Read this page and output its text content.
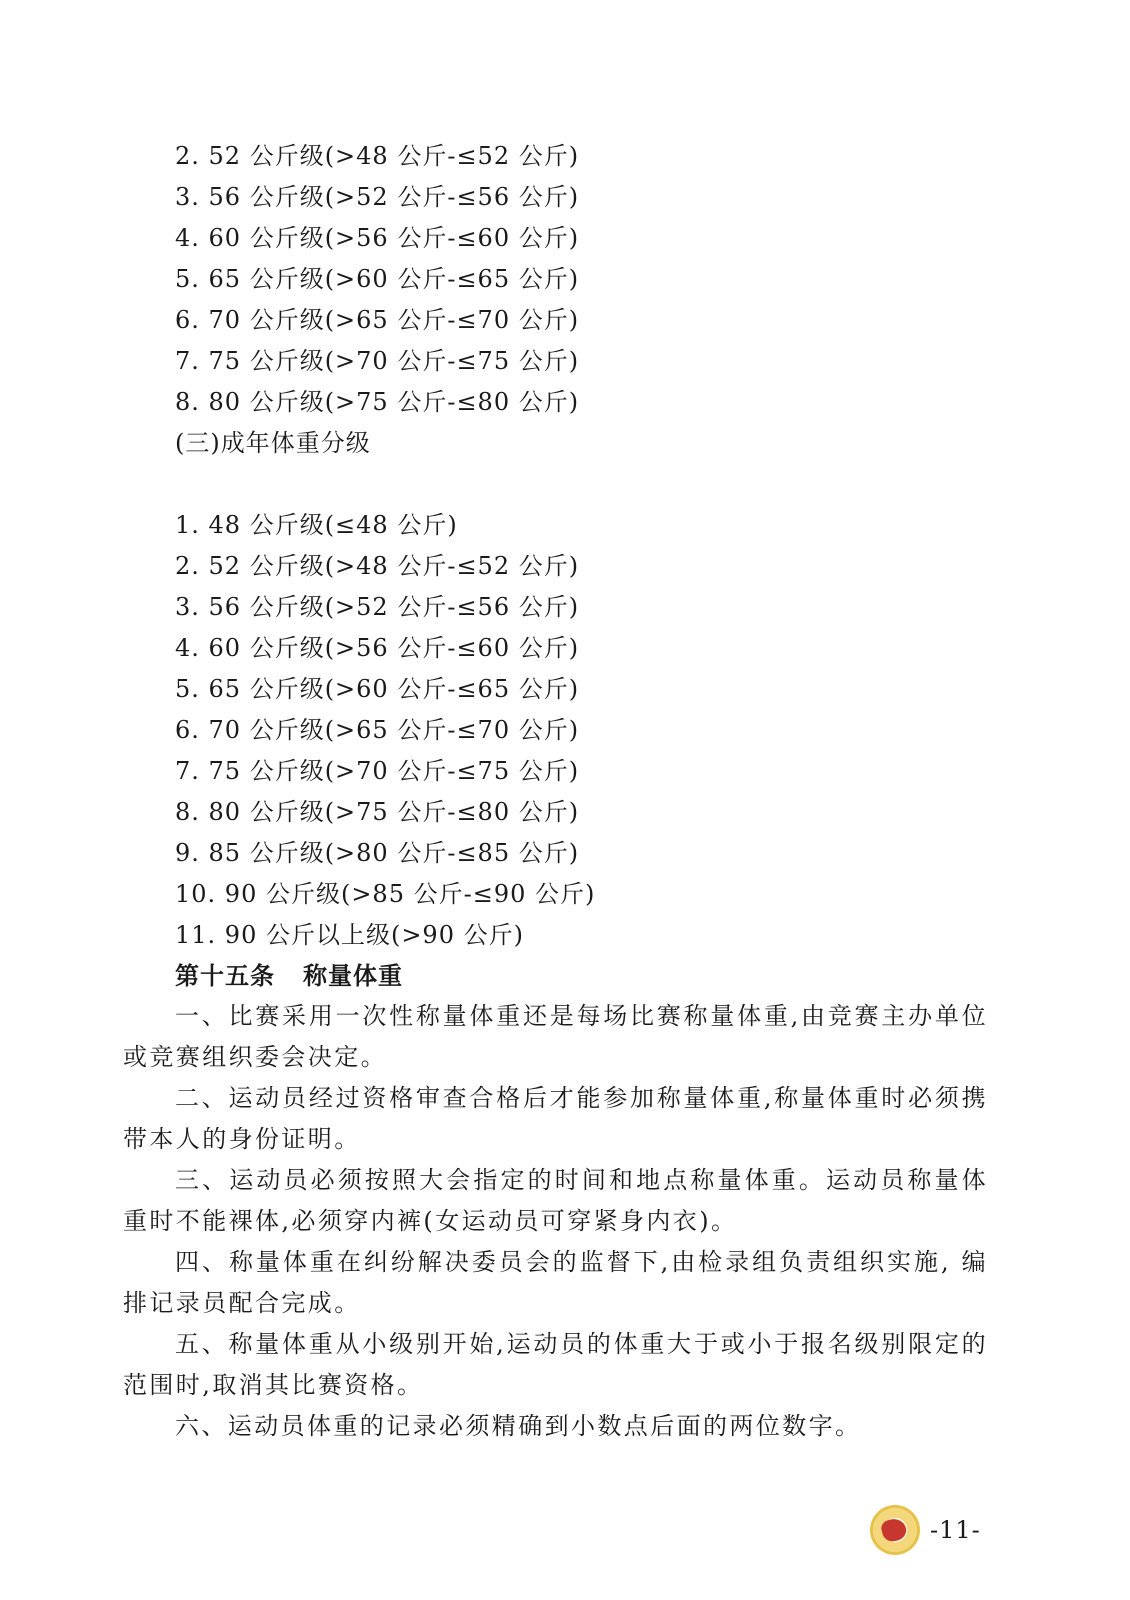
2. 52 公斤级(>48 公斤-≤52 公斤)
3. 56 公斤级(>52 公斤-≤56 公斤)
4. 60 公斤级(>56 公斤-≤60 公斤)
5. 65 公斤级(>60 公斤-≤65 公斤)
6. 70 公斤级(>65 公斤-≤70 公斤)
7. 75 公斤级(>70 公斤-≤75 公斤)
8. 80 公斤级(>75 公斤-≤80 公斤)
(三)成年体重分级
1. 48 公斤级(≤48 公斤)
2. 52 公斤级(>48 公斤-≤52 公斤)
3. 56 公斤级(>52 公斤-≤56 公斤)
4. 60 公斤级(>56 公斤-≤60 公斤)
5. 65 公斤级(>60 公斤-≤65 公斤)
6. 70 公斤级(>65 公斤-≤70 公斤)
7. 75 公斤级(>70 公斤-≤75 公斤)
8. 80 公斤级(>75 公斤-≤80 公斤)
9. 85 公斤级(>80 公斤-≤85 公斤)
10. 90 公斤级(>85 公斤-≤90 公斤)
11. 90 公斤以上级(>90 公斤)
第十五条 称量体重

一、比赛采用一次性称量体重还是每场比赛称量体重,由竞赛主办单位或竞赛组织委会决定。

二、运动员经过资格审查合格后才能参加称量体重,称量体重时必须携带本人的身份证明。

三、运动员必须按照大会指定的时间和地点称量体重。运动员称量体重时不能裸体,必须穿内裤(女运动员可穿紧身内衣)。

四、称量体重在纠纷解决委员会的监督下,由检录组负责组织实施, 编排记录员配合完成。

五、称量体重从小级别开始,运动员的体重大于或小于报名级别限定的范围时,取消其比赛资格。

六、运动员体重的记录必须精确到小数点后面的两位数字。

-11-
